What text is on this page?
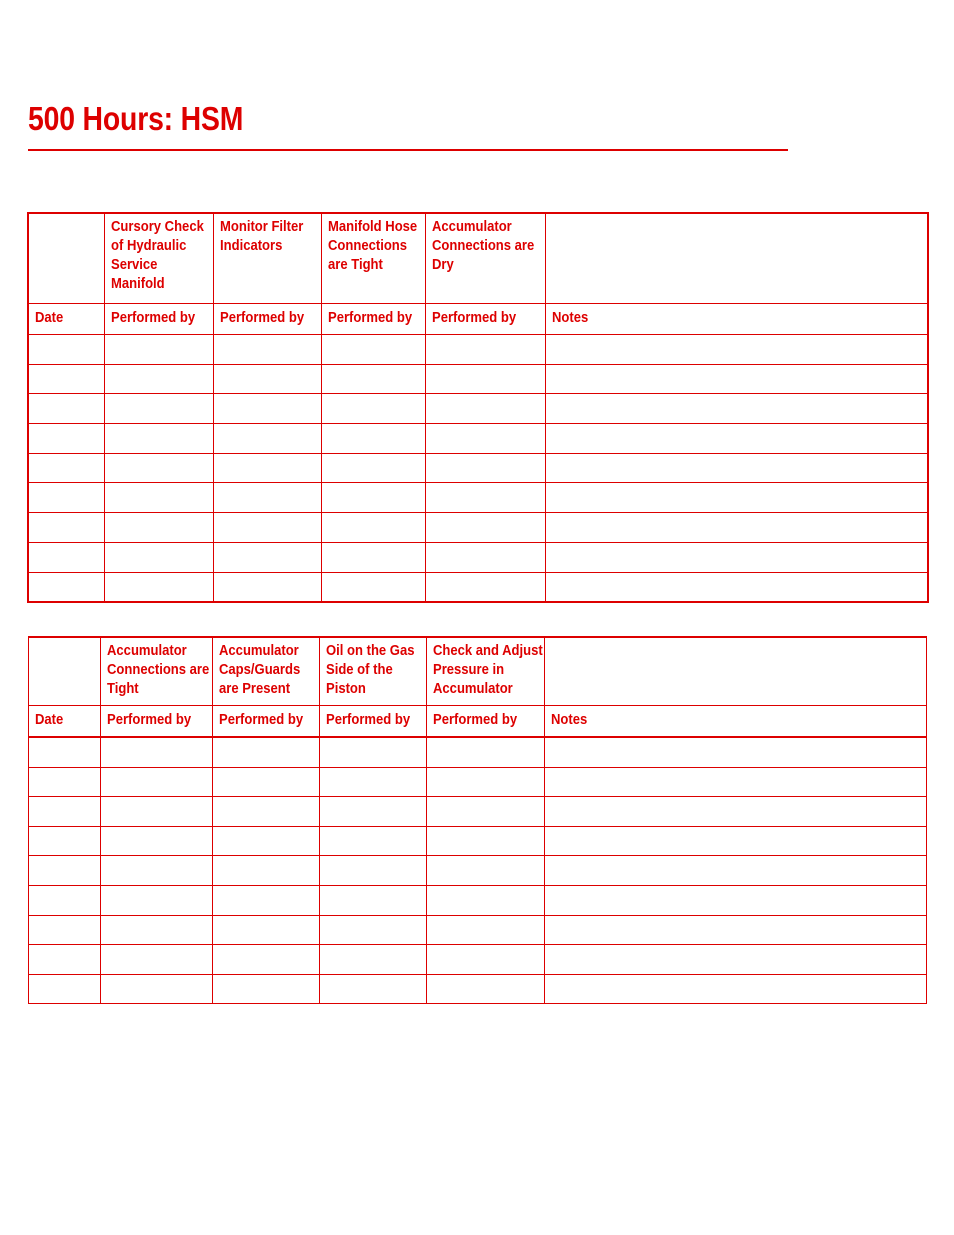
500 Hours: HSM

	Cursory Check of Hydraulic Service Manifold	Monitor Filter Indicators	Manifold Hose Connections are Tight	Accumulator Connections are Dry	

Date	Performed by	Performed by	Performed by	Performed by	Notes

	Accumulator Connections are Tight	Accumulator Caps/Guards are Present	Oil on the Gas Side of the Piston	Check and Adjust Pressure in Accumulator	

Date	Performed by	Performed by	Performed by	Performed by	Notes
